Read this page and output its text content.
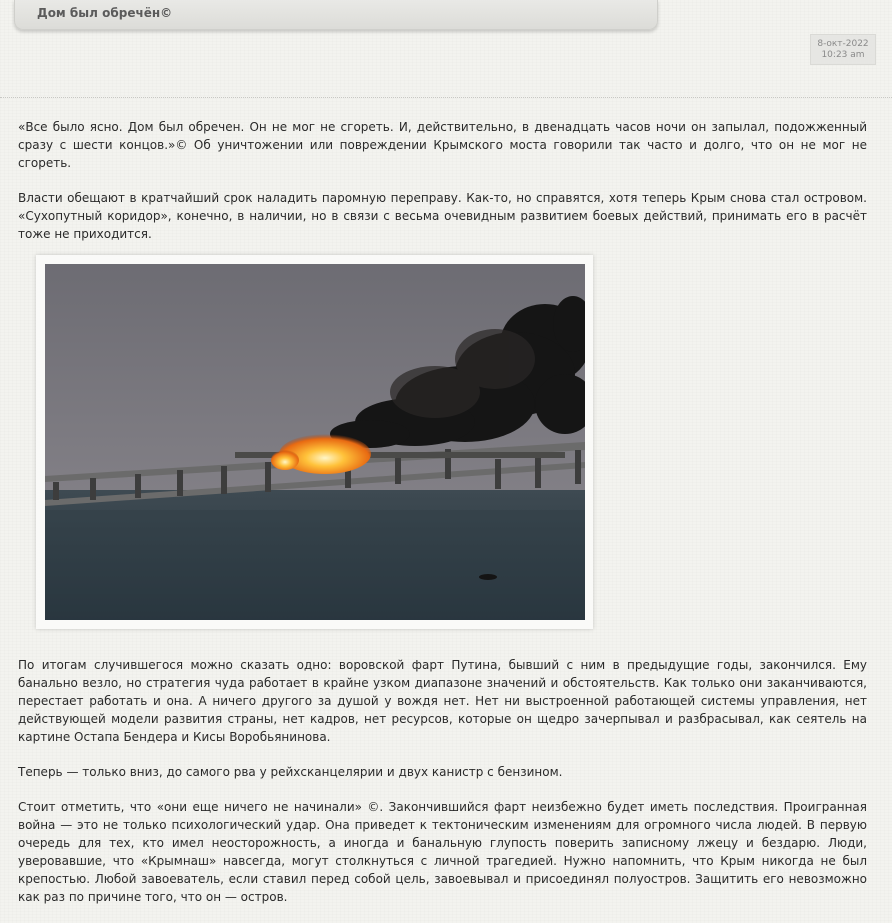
Дом был обречён©
8-окт-2022
10:23 am

«Все было ясно. Дом был обречен. Он не мог не сгореть. И, действительно, в двенадцать часов ночи он запылал, подожженный сразу с шести концов.»© Об уничтожении или повреждении Крымского моста говорили так часто и долго, что он не мог не сгореть.

Власти обещают в кратчайший срок наладить паромную переправу. Как-то, но справятся, хотя теперь Крым снова стал островом. «Сухопутный коридор», конечно, в наличии, но в связи с весьма очевидным развитием боевых действий, принимать его в расчёт тоже не приходится.

По итогам случившегося можно сказать одно: воровской фарт Путина, бывший с ним в предыдущие годы, закончился. Ему банально везло, но стратегия чуда работает в крайне узком диапазоне значений и обстоятельств. Как только они заканчиваются, перестает работать и она. А ничего другого за душой у вождя нет. Нет ни выстроенной работающей системы управления, нет действующей модели развития страны, нет кадров, нет ресурсов, которые он щедро зачерпывал и разбрасывал, как сеятель на картине Остапа Бендера и Кисы Воробьянинова.

Теперь — только вниз, до самого рва у рейхсканцелярии и двух канистр с бензином.

Стоит отметить, что «они еще ничего не начинали» ©. Закончившийся фарт неизбежно будет иметь последствия. Проигранная война — это не только психологический удар. Она приведет к тектоническим изменениям для огромного числа людей. В первую очередь для тех, кто имел неосторожность, а иногда и банальную глупость поверить записному лжецу и бездарю. Люди, уверовавшие, что «Крымнаш» навсегда, могут столкнуться с личной трагедией. Нужно напомнить, что Крым никогда не был крепостью. Любой завоеватель, если ставил перед собой цель, завоевывал и присоединял полуостров. Защитить его невозможно как раз по причине того, что он — остров.
